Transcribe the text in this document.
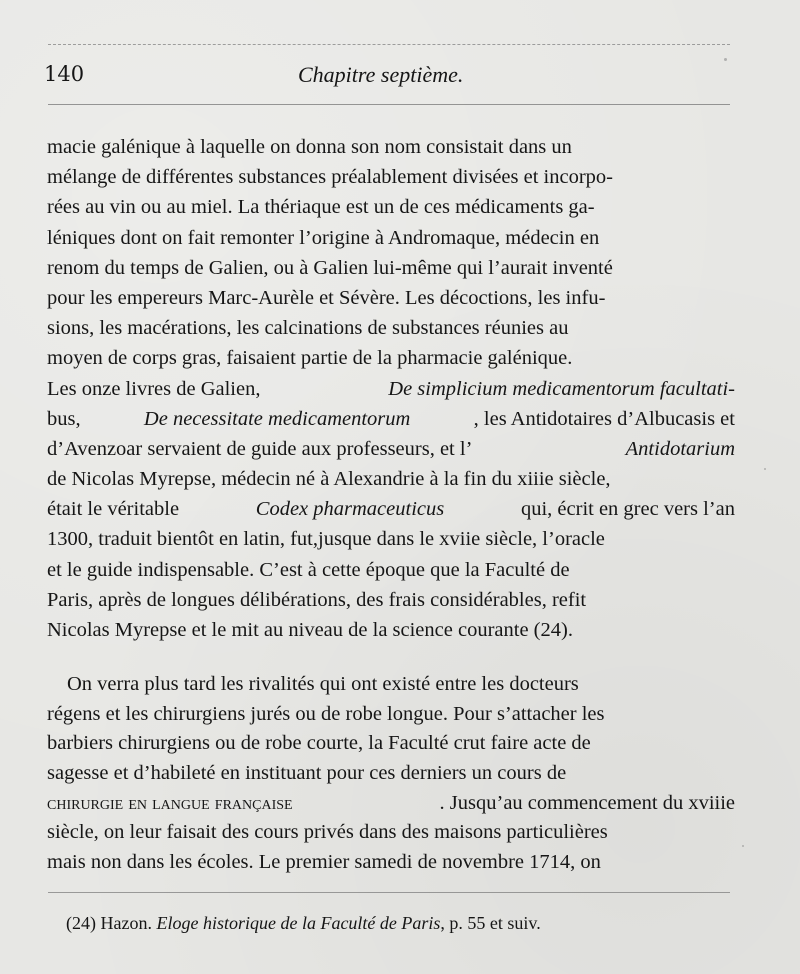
140	Chapitre septième.
macie galénique à laquelle on donna son nom consistait dans un
mélange de différentes substances préalablement divisées et incorpo-
rées au vin ou au miel. La thériaque est un de ces médicaments ga-
léniques dont on fait remonter l’origine à Andromaque, médecin en
renom du temps de Galien, ou à Galien lui-même qui l’aurait inventé
pour les empereurs Marc-Aurèle et Sévère. Les décoctions, les infu-
sions, les macérations, les calcinations de substances réunies au
moyen de corps gras, faisaient partie de la pharmacie galénique.
Les onze livres de Galien,	De simplicium medicamentorum facultati-
bus,	De necessitate medicamentorum	, les Antidotaires d’Albucasis et
d’Avenzoar servaient de guide aux professeurs, et l’	Antidotarium
de Nicolas Myrepse, médecin né à Alexandrie à la fin du xiiie siècle,
était le véritable	Codex pharmaceuticus	qui, écrit en grec vers l’an
1300, traduit bientôt en latin, fut,jusque dans le xviie siècle, l’oracle
et le guide indispensable. C’est à cette époque que la Faculté de
Paris, après de longues délibérations, des frais considérables, refit
Nicolas Myrepse et le mit au niveau de la science courante (24).
On verra plus tard les rivalités qui ont existé entre les docteurs
régens et les chirurgiens jurés ou de robe longue. Pour s’attacher les
barbiers chirurgiens ou de robe courte, la Faculté crut faire acte de
sagesse et d’habileté en instituant pour ces derniers un cours de
chirurgie en langue française	. Jusqu’au commencement du xviiie
siècle, on leur faisait des cours privés dans des maisons particulières
mais non dans les écoles. Le premier samedi de novembre 1714, on
(24) Hazon. Eloge historique de la Faculté de Paris, p. 55 et suiv.
